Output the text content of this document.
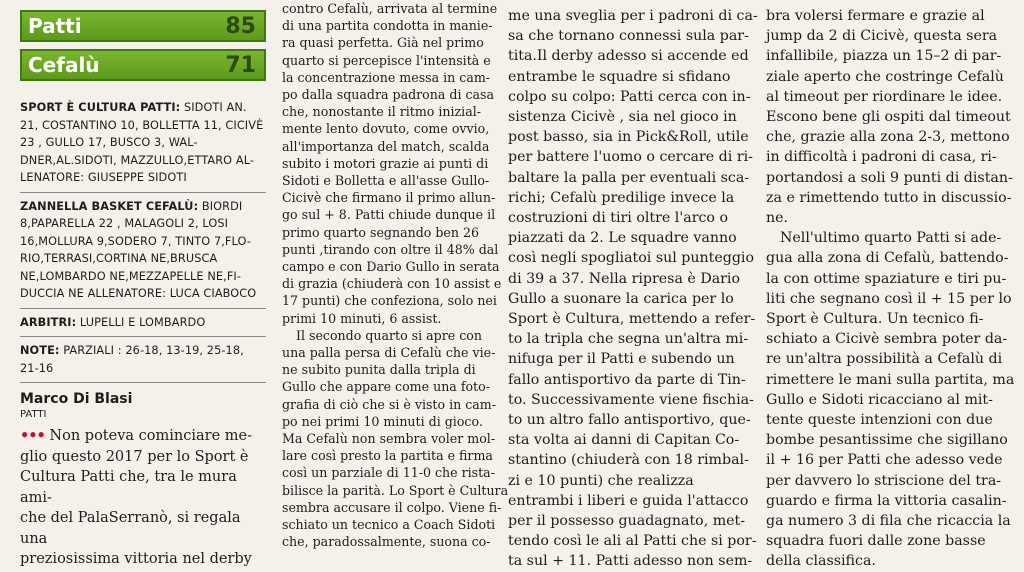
Patti	85
Cefalù	71
SPORT È CULTURA PATTI: SIDOTI AN.
21, COSTANTINO 10, BOLLETTA 11, CICIVÈ
23 , GULLO 17, BUSCO 3, WAL-
DNER,AL.SIDOTI, MAZZULLO,ETTARO AL-
LENATORE: GIUSEPPE SIDOTI
ZANNELLA BASKET CEFALÙ: BIORDI
8,PAPARELLA 22 , MALAGOLI 2, LOSI
16,MOLLURA 9,SODERO 7, TINTO 7,FLO-
RIO,TERRASI,CORTINA NE,BRUSCA
NE,LOMBARDO NE,MEZZAPELLE NE,FI-
DUCCIA NE ALLENATORE: LUCA CIABOCO
ARBITRI: LUPELLI E LOMBARDO
NOTE: PARZIALI : 26-18, 13-19, 25-18,
21-16
Marco Di Blasi
PATTI
••• Non poteva cominciare me-
glio questo 2017 per lo Sport è
Cultura Patti che, tra le mura ami-
che del PalaSerranò, si regala una
preziosissima vittoria nel derby
contro Cefalù, arrivata al termine
di una partita condotta in manie-
ra quasi perfetta. Già nel primo
quarto si percepisce l'intensità e
la concentrazione messa in cam-
po dalla squadra padrona di casa
che, nonostante il ritmo inizial-
mente lento dovuto, come ovvio,
all'importanza del match, scalda
subito i motori grazie ai punti di
Sidoti e Bolletta e all'asse Gullo-
Cicivè che firmano il primo allun-
go sul + 8. Patti chiude dunque il
primo quarto segnando ben 26
punti ,tirando con oltre il 48% dal
campo e con Dario Gullo in serata
di grazia (chiuderà con 10 assist e
17 punti) che confeziona, solo nei
primi 10 minuti, 6 assist.
Il secondo quarto si apre con
una palla persa di Cefalù che vie-
ne subito punita dalla tripla di
Gullo che appare come una foto-
grafia di ciò che si è visto in cam-
po nei primi 10 minuti di gioco.
Ma Cefalù non sembra voler mol-
lare così presto la partita e firma
così un parziale di 11-0 che rista-
bilisce la parità. Lo Sport è Cultura
sembra accusare il colpo. Viene fi-
schiato un tecnico a Coach Sidoti
che, paradossalmente, suona co-
me una sveglia per i padroni di ca-
sa che tornano connessi sula par-
tita.Il derby adesso si accende ed
entrambe le squadre si sfidano
colpo su colpo: Patti cerca con in-
sistenza Cicivè , sia nel gioco in
post basso, sia in Pick&Roll, utile
per battere l'uomo o cercare di ri-
baltare la palla per eventuali sca-
richi; Cefalù predilige invece la
costruzioni di tiri oltre l'arco o
piazzati da 2. Le squadre vanno
così negli spogliatoi sul punteggio
di 39 a 37. Nella ripresa è Dario
Gullo a suonare la carica per lo
Sport è Cultura, mettendo a refer-
to la tripla che segna un'altra mi-
nifuga per il Patti e subendo un
fallo antisportivo da parte di Tin-
to. Successivamente viene fischia-
to un altro fallo antisportivo, que-
sta volta ai danni di Capitan Co-
stantino (chiuderà con 18 rimbal-
zi e 10 punti) che realizza
entrambi i liberi e guida l'attacco
per il possesso guadagnato, met-
tendo così le ali al Patti che si por-
ta sul + 11. Patti adesso non sem-
bra volersi fermare e grazie al
jump da 2 di Cicivè, questa sera
infallibile, piazza un 15–2 di par-
ziale aperto che costringe Cefalù
al timeout per riordinare le idee.
Escono bene gli ospiti dal timeout
che, grazie alla zona 2-3, mettono
in difficoltà i padroni di casa, ri-
portandosi a soli 9 punti di distan-
za e rimettendo tutto in discussio-
ne.
Nell'ultimo quarto Patti si ade-
gua alla zona di Cefalù, battendo-
la con ottime spaziature e tiri pu-
liti che segnano così il + 15 per lo
Sport è Cultura. Un tecnico fi-
schiato a Cicivè sembra poter da-
re un'altra possibilità a Cefalù di
rimettere le mani sulla partita, ma
Gullo e Sidoti ricacciano al mit-
tente queste intenzioni con due
bombe pesantissime che sigillano
il + 16 per Patti che adesso vede
per davvero lo striscione del tra-
guardo e firma la vittoria casalin-
ga numero 3 di fila che ricaccia la
squadra fuori dalle zone basse
della classifica.
